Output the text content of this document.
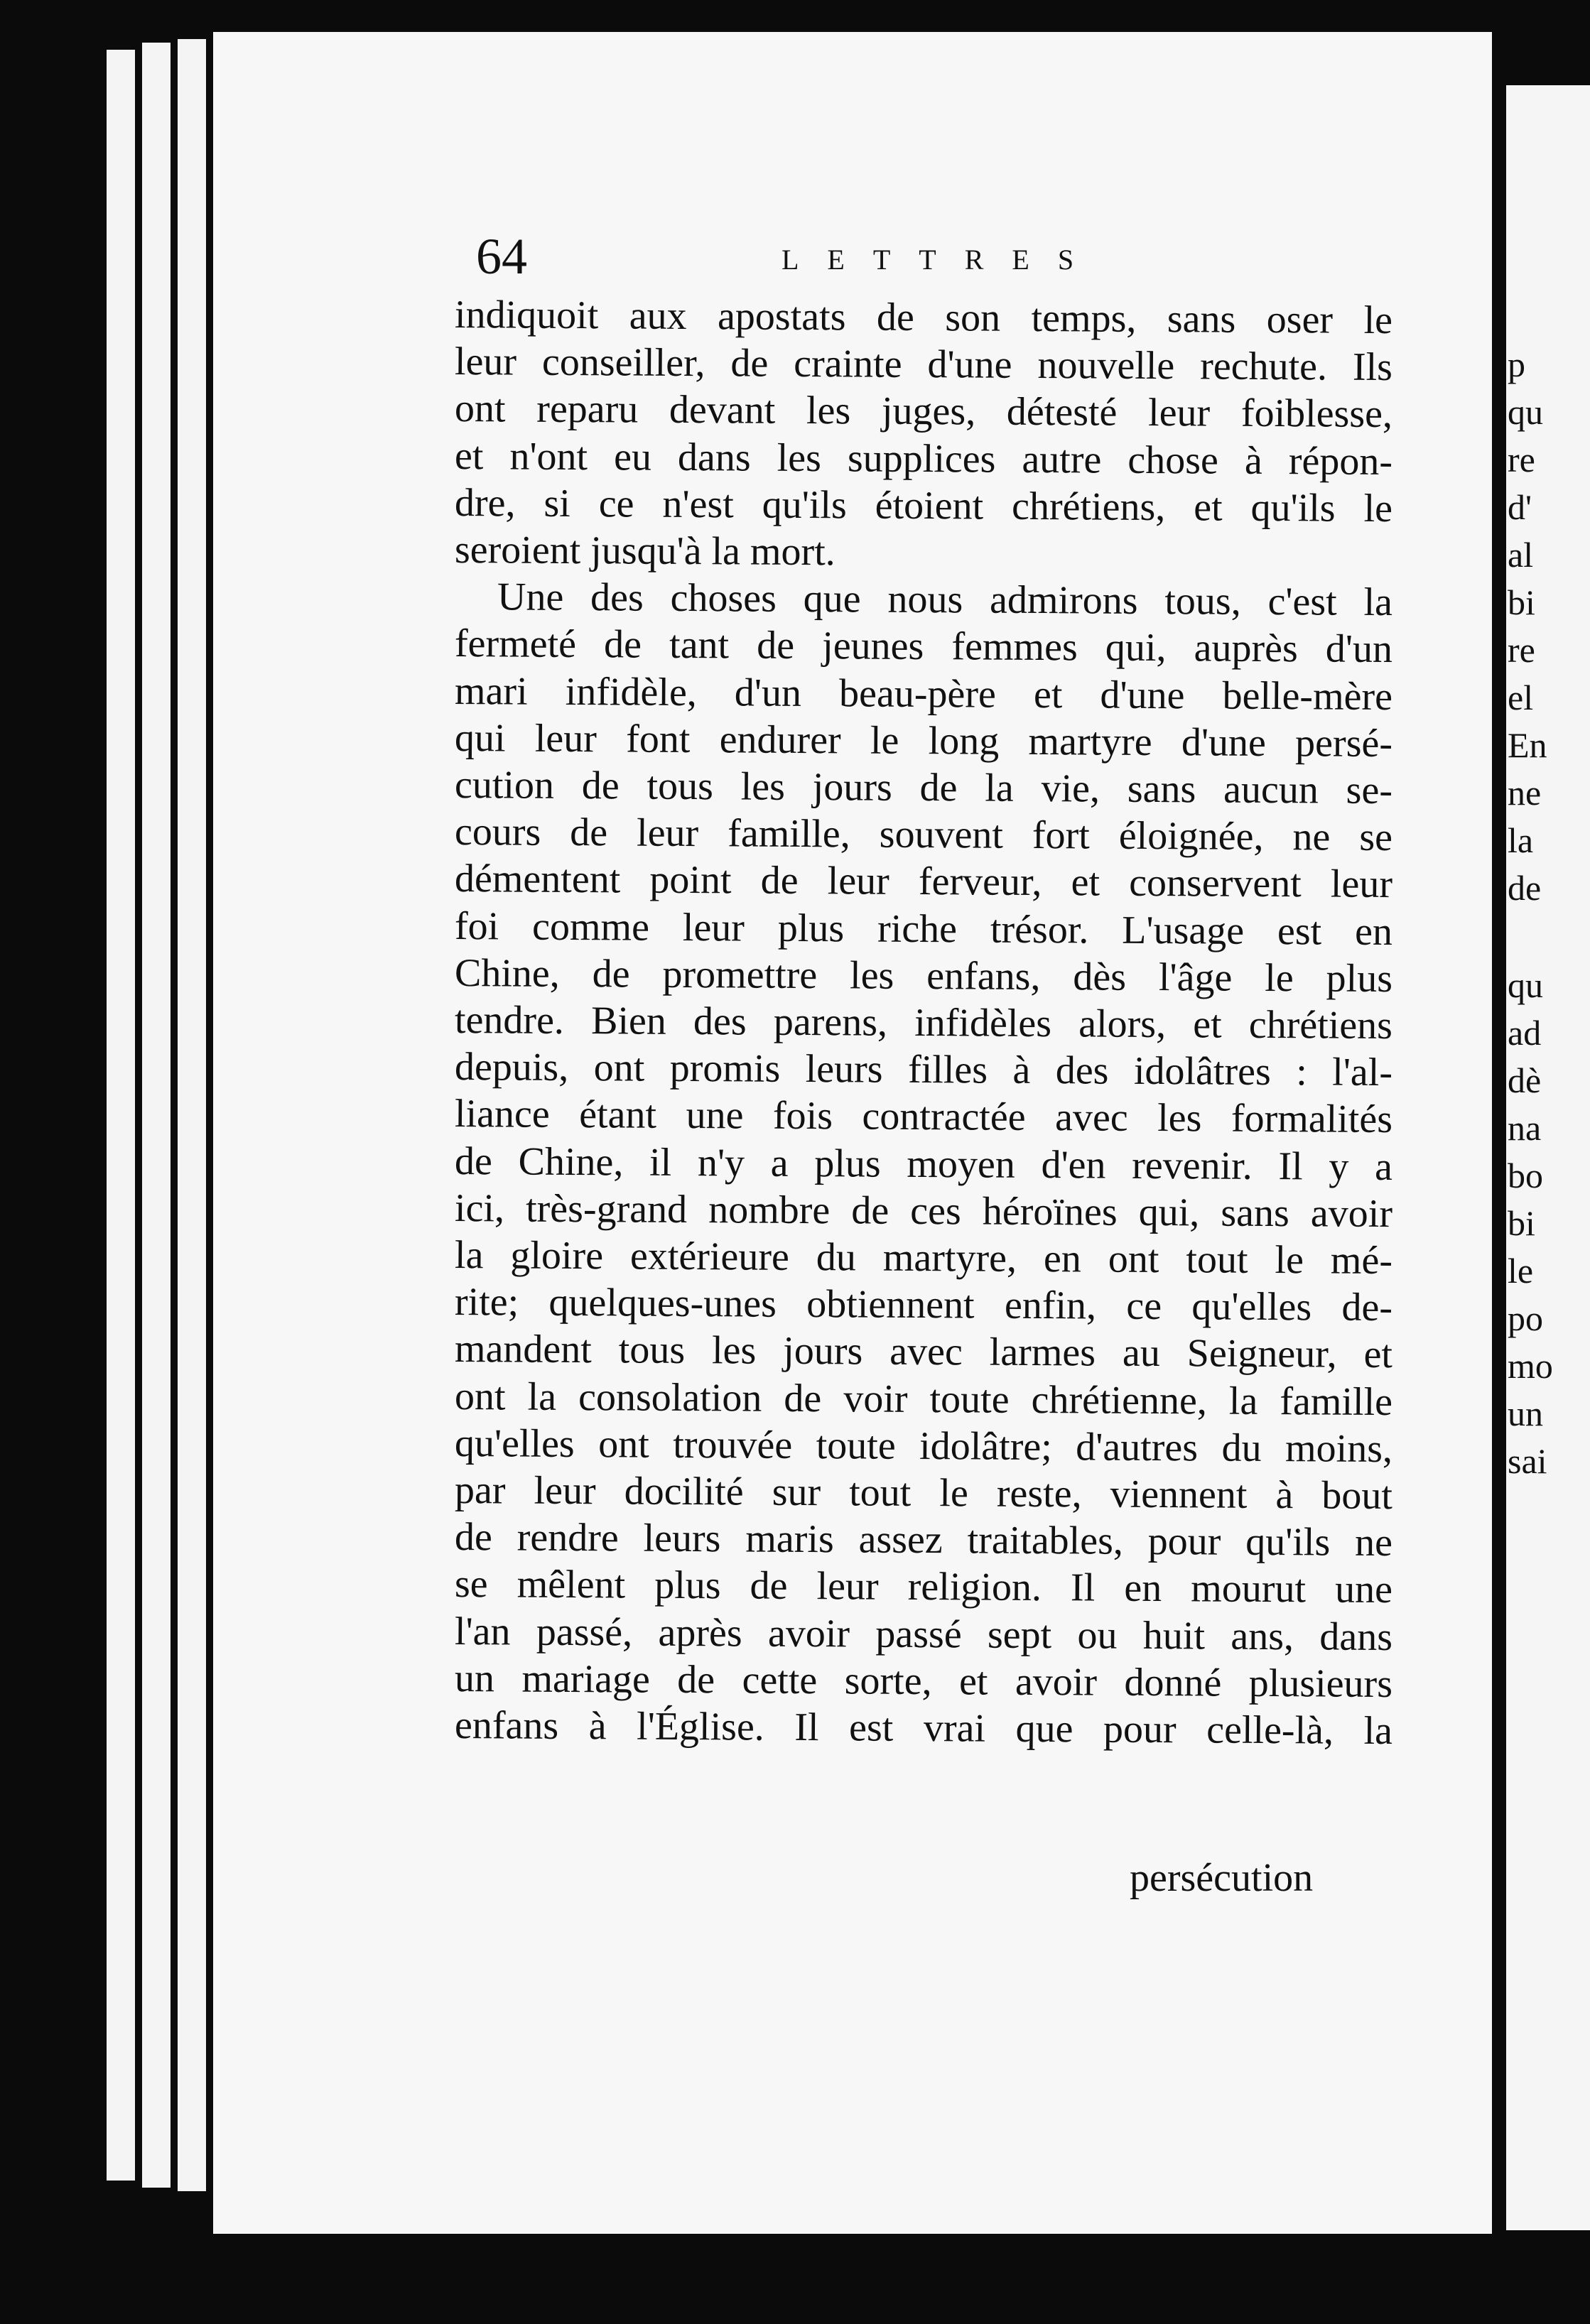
64	LETTRES
indiquoit aux apostats de son temps, sans oser le
leur conseiller, de crainte d'une nouvelle rechute. Ils
ont reparu devant les juges, détesté leur foiblesse,
et n'ont eu dans les supplices autre chose à répon-
dre, si ce n'est qu'ils étoient chrétiens, et qu'ils le
seroient jusqu'à la mort.
Une des choses que nous admirons tous, c'est la
fermeté de tant de jeunes femmes qui, auprès d'un
mari infidèle, d'un beau-père et d'une belle-mère
qui leur font endurer le long martyre d'une persé-
cution de tous les jours de la vie, sans aucun se-
cours de leur famille, souvent fort éloignée, ne se
démentent point de leur ferveur, et conservent leur
foi comme leur plus riche trésor. L'usage est en
Chine, de promettre les enfans, dès l'âge le plus
tendre. Bien des parens, infidèles alors, et chrétiens
depuis, ont promis leurs filles à des idolâtres : l'al-
liance étant une fois contractée avec les formalités
de Chine, il n'y a plus moyen d'en revenir. Il y a
ici, très-grand nombre de ces héroïnes qui, sans avoir
la gloire extérieure du martyre, en ont tout le mé-
rite; quelques-unes obtiennent enfin, ce qu'elles de-
mandent tous les jours avec larmes au Seigneur, et
ont la consolation de voir toute chrétienne, la famille
qu'elles ont trouvée toute idolâtre; d'autres du moins,
par leur docilité sur tout le reste, viennent à bout
de rendre leurs maris assez traitables, pour qu'ils ne
se mêlent plus de leur religion. Il en mourut une
l'an passé, après avoir passé sept ou huit ans, dans
un mariage de cette sorte, et avoir donné plusieurs
enfans à l'Église. Il est vrai que pour celle-là, la
persécution
p
qu
re
d'
al
bi
re
el
En
ne
la
de
qu
ad
dè
na
bo
bi
le
po
mo
un
sai
